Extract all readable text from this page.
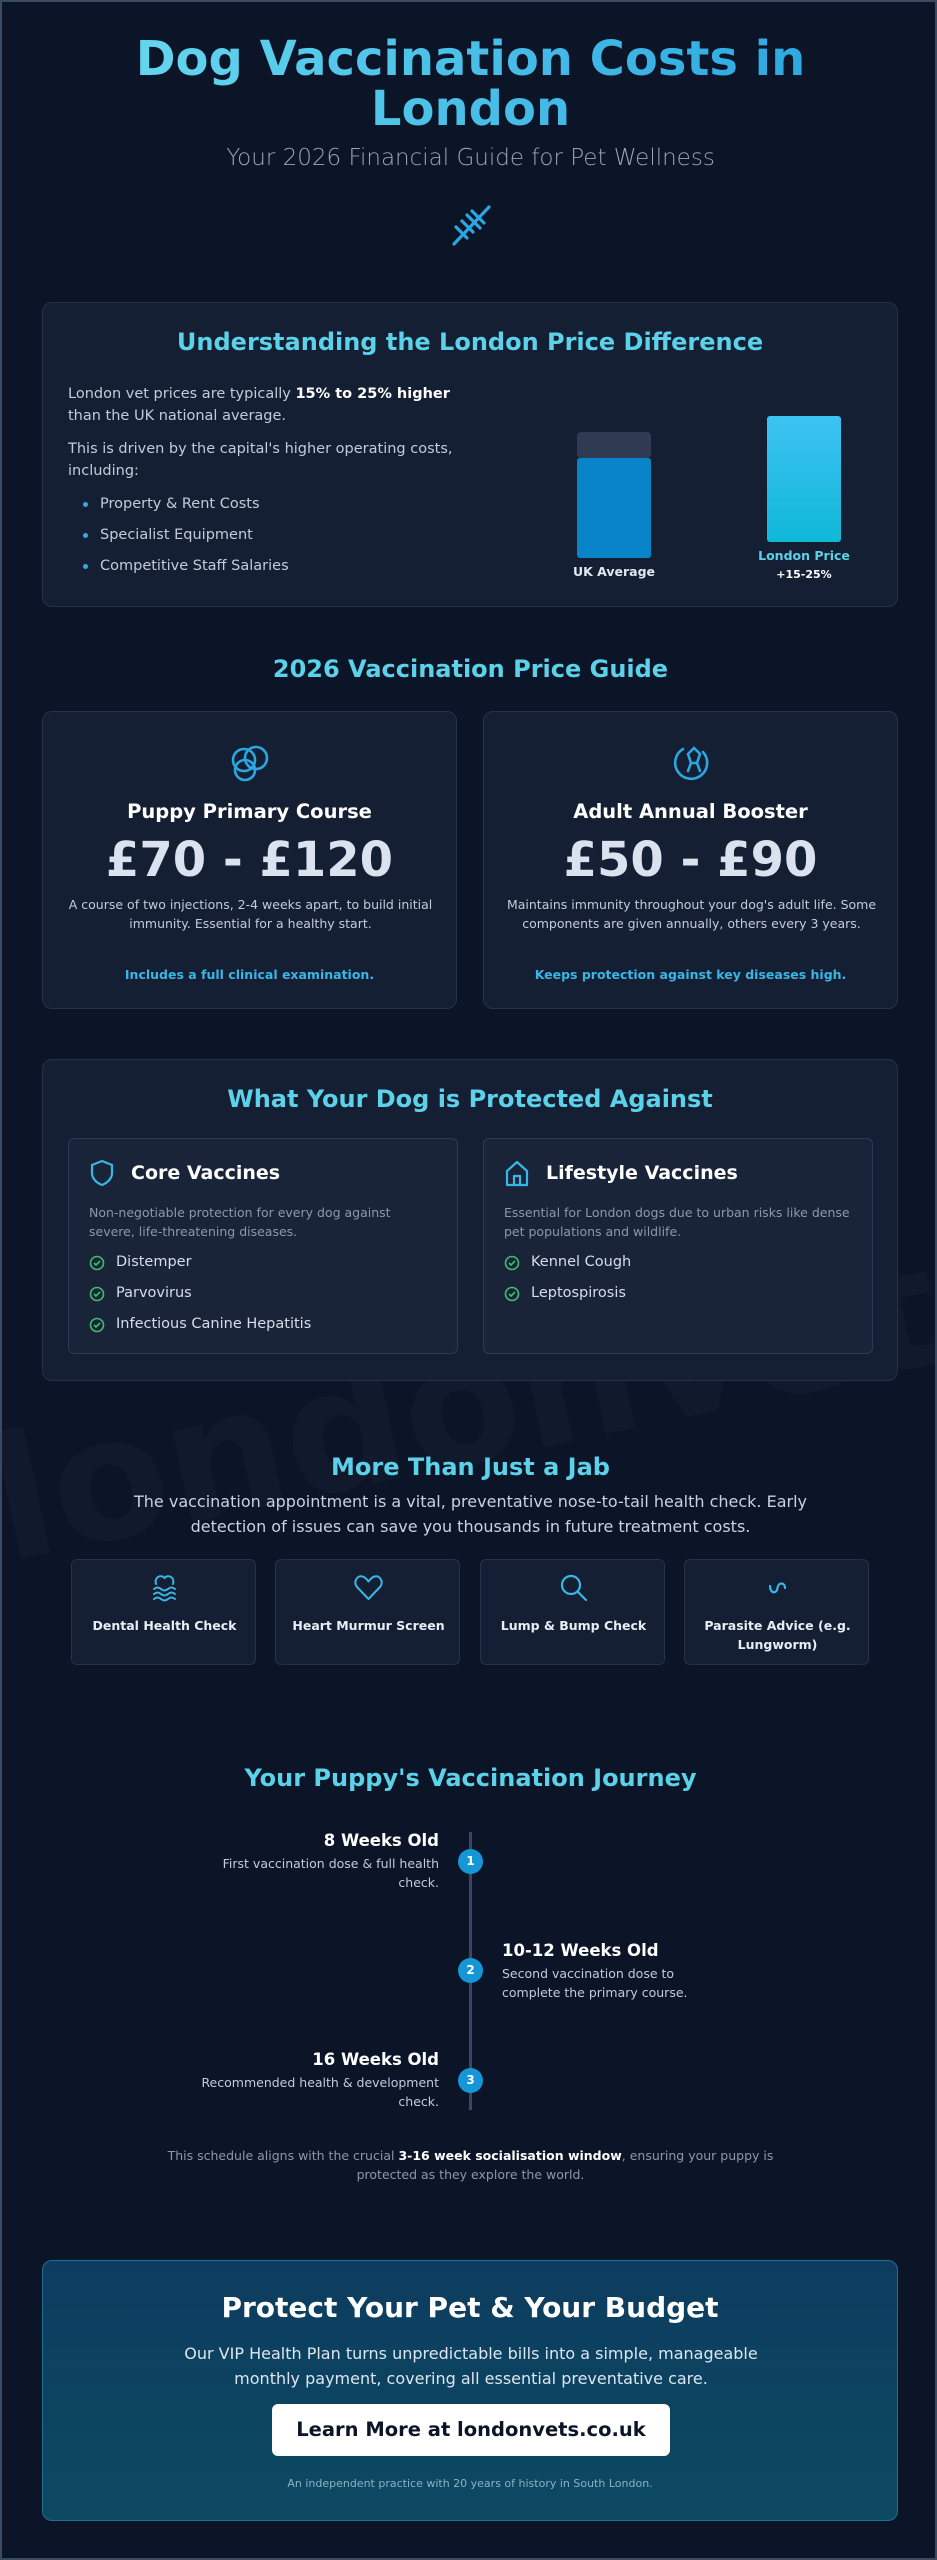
Dog Vaccination Costs in London
Your 2026 Financial Guide for Pet Wellness
Understanding the London Price Difference

London vet prices are typically 15% to 25% higher than the UK national average.

This is driven by the capital's higher operating costs, including:

Property & Rent Costs
Specialist Equipment
Competitive Staff Salaries	UK Average
London Price
+15-25%
2026 Vaccination Price Guide
Puppy Primary Course
£70 - £120
A course of two injections, 2-4 weeks apart, to build initial immunity. Essential for a healthy start.
Includes a full clinical examination.
Adult Annual Booster
£50 - £90
Maintains immunity throughout your dog's adult life. Some components are given annually, others every 3 years.
Keeps protection against key diseases high.
What Your Dog is Protected Against
Core Vaccines
Non-negotiable protection for every dog against severe, life-threatening diseases.
Distemper
Parvovirus
Infectious Canine Hepatitis
Lifestyle Vaccines
Essential for London dogs due to urban risks like dense pet populations and wildlife.
Kennel Cough
Leptospirosis
More Than Just a Jab

The vaccination appointment is a vital, preventative nose-to-tail health check. Early detection of issues can save you thousands in future treatment costs.

Dental Health Check	Heart Murmur Screen	Lump & Bump Check	Parasite Advice (e.g. Lungworm)
Your Puppy's Vaccination Journey
8 Weeks Old
First vaccination dose & full health check.
1
10-12 Weeks Old
Second vaccination dose to complete the primary course.
2
16 Weeks Old
Recommended health & development check.
3

This schedule aligns with the crucial 3-16 week socialisation window, ensuring your puppy is protected as they explore the world.

Protect Your Pet & Your Budget

Our VIP Health Plan turns unpredictable bills into a simple, manageable monthly payment, covering all essential preventative care.

Learn More at londonvets.co.uk
An independent practice with 20 years of history in South London.
